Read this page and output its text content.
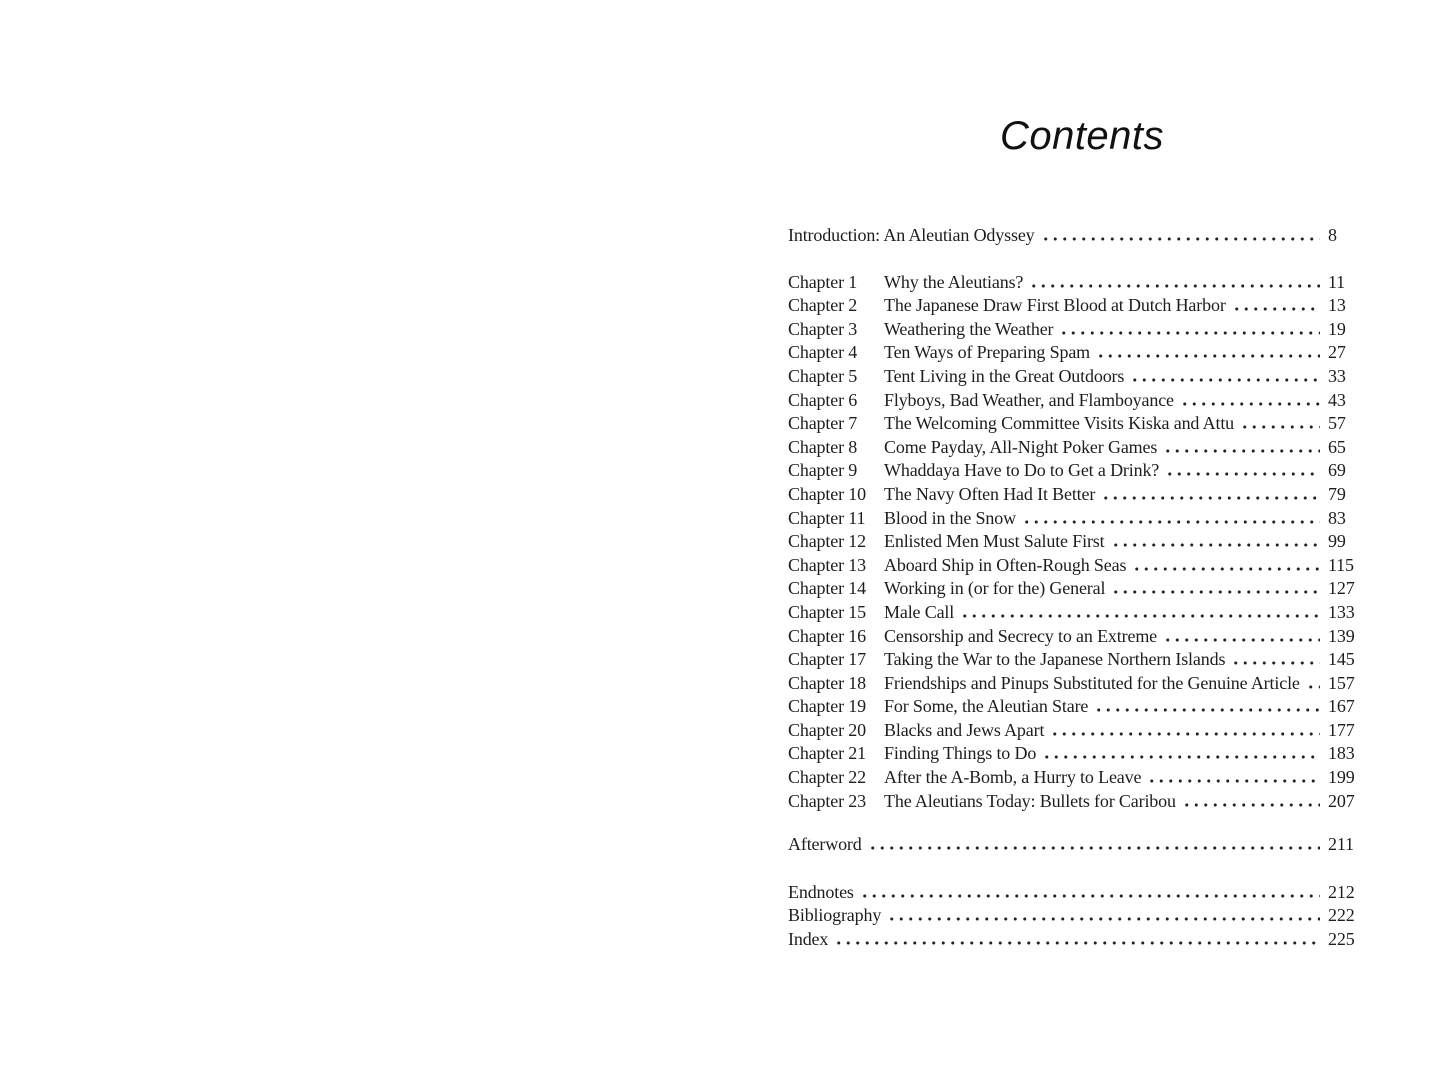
Contents
Introduction: An Aleutian Odyssey	8
Chapter 1	Why the Aleutians?	11
Chapter 2	The Japanese Draw First Blood at Dutch Harbor	13
Chapter 3	Weathering the Weather	19
Chapter 4	Ten Ways of Preparing Spam	27
Chapter 5	Tent Living in the Great Outdoors	33
Chapter 6	Flyboys, Bad Weather, and Flamboyance	43
Chapter 7	The Welcoming Committee Visits Kiska and Attu	57
Chapter 8	Come Payday, All-Night Poker Games	65
Chapter 9	Whaddaya Have to Do to Get a Drink?	69
Chapter 10	The Navy Often Had It Better	79
Chapter 11	Blood in the Snow	83
Chapter 12	Enlisted Men Must Salute First	99
Chapter 13	Aboard Ship in Often-Rough Seas	115
Chapter 14	Working in (or for the) General	127
Chapter 15	Male Call	133
Chapter 16	Censorship and Secrecy to an Extreme	139
Chapter 17	Taking the War to the Japanese Northern Islands	145
Chapter 18	Friendships and Pinups Substituted for the Genuine Article 157
Chapter 19	For Some, the Aleutian Stare	167
Chapter 20	Blacks and Jews Apart	177
Chapter 21	Finding Things to Do	183
Chapter 22	After the A-Bomb, a Hurry to Leave	199
Chapter 23	The Aleutians Today: Bullets for Caribou	207
Afterword	211
Endnotes	212
Bibliography	222
Index	225
